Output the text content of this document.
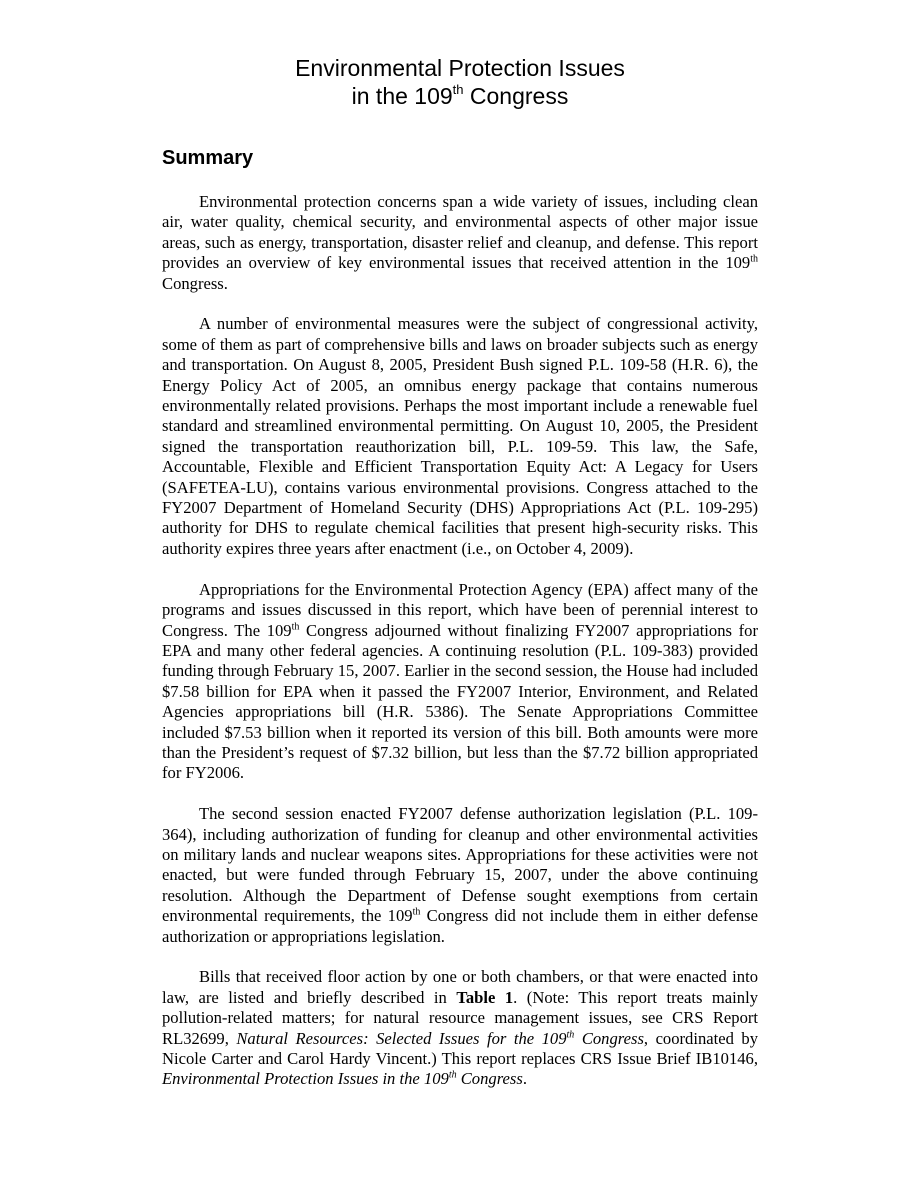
Environmental Protection Issues
in the 109th Congress
Summary

Environmental protection concerns span a wide variety of issues, including clean air, water quality, chemical security, and environmental aspects of other major issue areas, such as energy, transportation, disaster relief and cleanup, and defense. This report provides an overview of key environmental issues that received attention in the 109th Congress.

A number of environmental measures were the subject of congressional activity, some of them as part of comprehensive bills and laws on broader subjects such as energy and transportation. On August 8, 2005, President Bush signed P.L. 109-58 (H.R. 6), the Energy Policy Act of 2005, an omnibus energy package that contains numerous environmentally related provisions. Perhaps the most important include a renewable fuel standard and streamlined environmental permitting. On August 10, 2005, the President signed the transportation reauthorization bill, P.L. 109-59. This law, the Safe, Accountable, Flexible and Efficient Transportation Equity Act: A Legacy for Users (SAFETEA-LU), contains various environmental provisions. Congress attached to the FY2007 Department of Homeland Security (DHS) Appropriations Act (P.L. 109-295) authority for DHS to regulate chemical facilities that present high-security risks. This authority expires three years after enactment (i.e., on October 4, 2009).

Appropriations for the Environmental Protection Agency (EPA) affect many of the programs and issues discussed in this report, which have been of perennial interest to Congress. The 109th Congress adjourned without finalizing FY2007 appropriations for EPA and many other federal agencies. A continuing resolution (P.L. 109-383) provided funding through February 15, 2007. Earlier in the second session, the House had included $7.58 billion for EPA when it passed the FY2007 Interior, Environment, and Related Agencies appropriations bill (H.R. 5386). The Senate Appropriations Committee included $7.53 billion when it reported its version of this bill. Both amounts were more than the President’s request of $7.32 billion, but less than the $7.72 billion appropriated for FY2006.

The second session enacted FY2007 defense authorization legislation (P.L. 109-364), including authorization of funding for cleanup and other environmental activities on military lands and nuclear weapons sites. Appropriations for these activities were not enacted, but were funded through February 15, 2007, under the above continuing resolution. Although the Department of Defense sought exemptions from certain environmental requirements, the 109th Congress did not include them in either defense authorization or appropriations legislation.

Bills that received floor action by one or both chambers, or that were enacted into law, are listed and briefly described in Table 1. (Note: This report treats mainly pollution-related matters; for natural resource management issues, see CRS Report RL32699, Natural Resources: Selected Issues for the 109th Congress, coordinated by Nicole Carter and Carol Hardy Vincent.) This report replaces CRS Issue Brief IB10146, Environmental Protection Issues in the 109th Congress.
